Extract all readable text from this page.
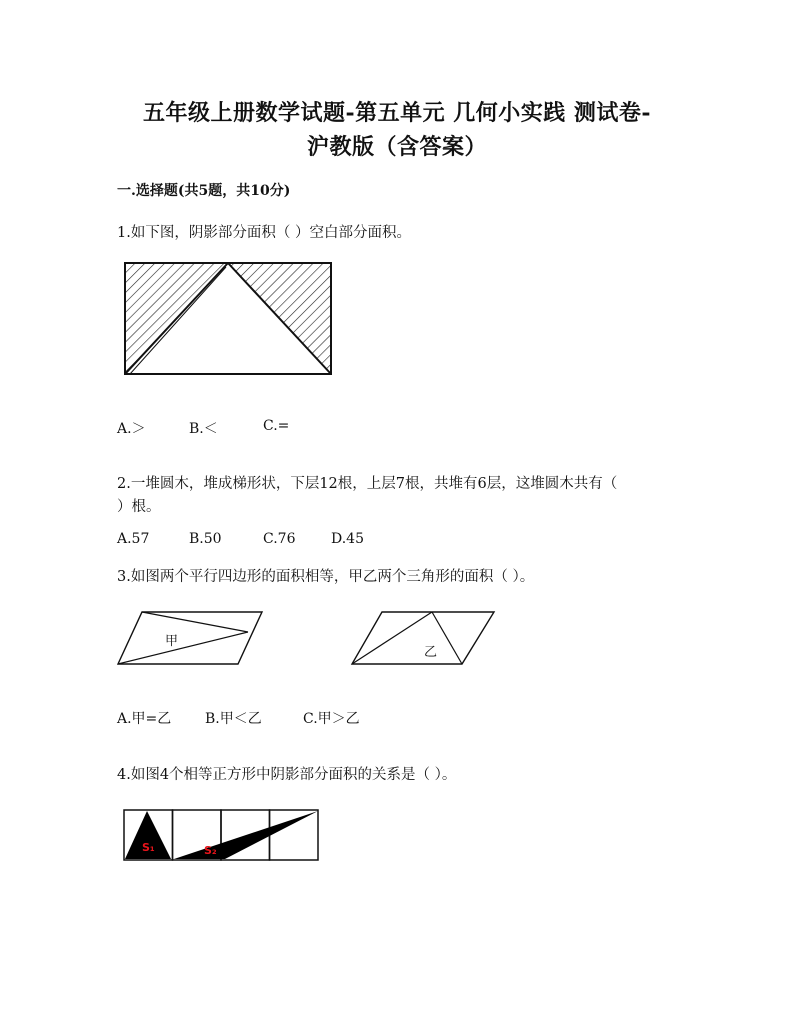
五年级上册数学试题-第五单元 几何小实践 测试卷-
沪教版（含答案）
一.选择题(共5题，共10分)
1.如下图，阴影部分面积（ ）空白部分面积。
A.＞	B.＜	C.=
2.一堆圆木，堆成梯形状，下层12根，上层7根，共堆有6层，这堆圆木共有（
）根。
A.57	B.50	C.76	D.45
3.如图两个平行四边形的面积相等，甲乙两个三角形的面积（ ）。
甲
乙
A.甲=乙 B.甲＜乙	C.甲＞乙
4.如图4个相等正方形中阴影部分面积的关系是（ ）。
S₁	S₂
